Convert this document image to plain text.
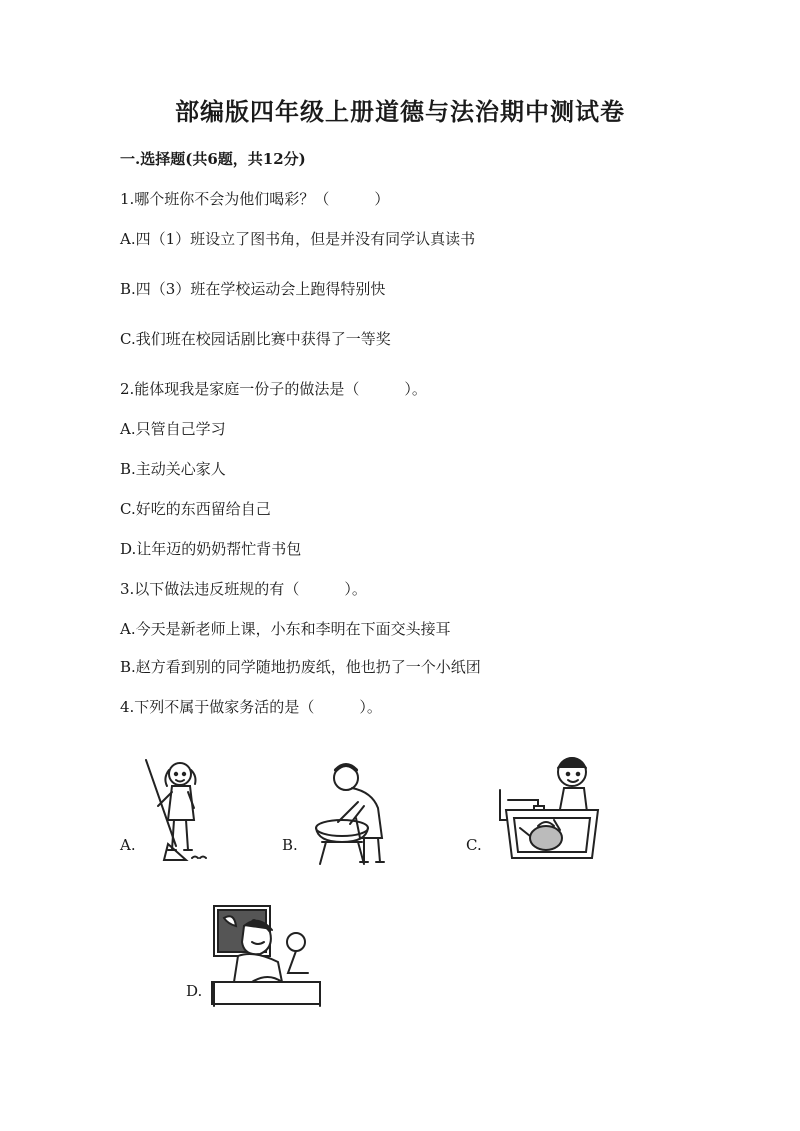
部编版四年级上册道德与法治期中测试卷
一.选择题(共6题，共12分)
1.哪个班你不会为他们喝彩？（　　　）
A.四（1）班设立了图书角，但是并没有同学认真读书
B.四（3）班在学校运动会上跑得特别快
C.我们班在校园话剧比赛中获得了一等奖
2.能体现我是家庭一份子的做法是（　　　）。
A.只管自己学习
B.主动关心家人
C.好吃的东西留给自己
D.让年迈的奶奶帮忙背书包
3.以下做法违反班规的有（　　　）。
A.今天是新老师上课，小东和李明在下面交头接耳
B.赵方看到别的同学随地扔废纸，他也扔了一个小纸团
4.下列不属于做家务活的是（　　　）。
A.	B.	C.
D.
